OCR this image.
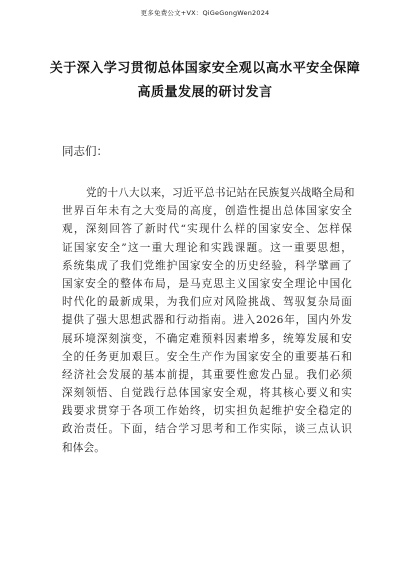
更多免费公文+VX：QiGeGongWen2024
关于深入学习贯彻总体国家安全观以高水平安全保障
高质量发展的研讨发言
同志们：
党的十八大以来，习近平总书记站在民族复兴战略全局和
世界百年未有之大变局的高度，创造性提出总体国家安全
观，深刻回答了新时代“实现什么样的国家安全、怎样保
证国家安全”这一重大理论和实践课题。这一重要思想，
系统集成了我们党维护国家安全的历史经验，科学擘画了
国家安全的整体布局，是马克思主义国家安全理论中国化
时代化的最新成果，为我们应对风险挑战、驾驭复杂局面
提供了强大思想武器和行动指南。进入2026年，国内外发
展环境深刻演变，不确定难预料因素增多，统筹发展和安
全的任务更加艰巨。安全生产作为国家安全的重要基石和
经济社会发展的基本前提，其重要性愈发凸显。我们必须
深刻领悟、自觉践行总体国家安全观，将其核心要义和实
践要求贯穿于各项工作始终，切实担负起维护安全稳定的
政治责任。下面，结合学习思考和工作实际，谈三点认识
和体会。
